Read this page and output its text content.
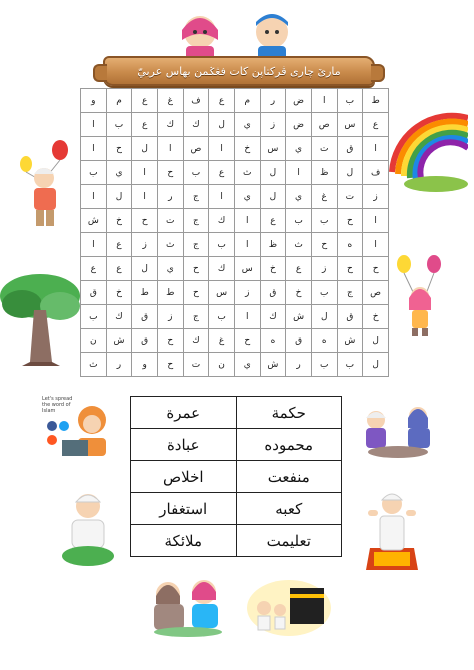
مارێ چاری ڤرکتاڽن كات فڠݢمن بهاس عربيّ
و	م	ع	غ	ف	ع	م	ر	ض	ا	ب	ط
ا	ب	ع	ك	ك	ل	ي	ز	ض	ص	س	ع
ا	ح	ل	ا	ص	ا	خ	س	ي	ت	ق	ا
ب	ي	ا	ح	ب	ع	ث	ل	ا	ظ	ل	ف
ا	ل	ا	ر	ج	ا	ي	ل	ي	غ	ت	ز
ش	خ	ح	ت	ج	ك	ا	ع	ب	ب	ح	ا
ا	ع	ز	ث	ج	ب	ا	ظ	ث	ح	ه	ا
ع	ع	ل	ي	ح	ك	س	خ	ع	ز	ح	ح
ق	خ	ط	ط	ح	س	ز	ق	خ	ب	ج	ص
ب	ك	ق	ز	ج	ب	ا	ك	ش	ل	ق	خ
ن	ش	ق	ح	ك	غ	ح	ه	ق	ه	ش	ل
ث	ر	و	ح	ت	ن	ي	ش	ر	ب	ب	ل
عمرة	حكمة
عبادة	محموده
اخلاص	منفعت
استغفار	كعبه
ملائكة	تعليمت
Let's spread the word of Islam
